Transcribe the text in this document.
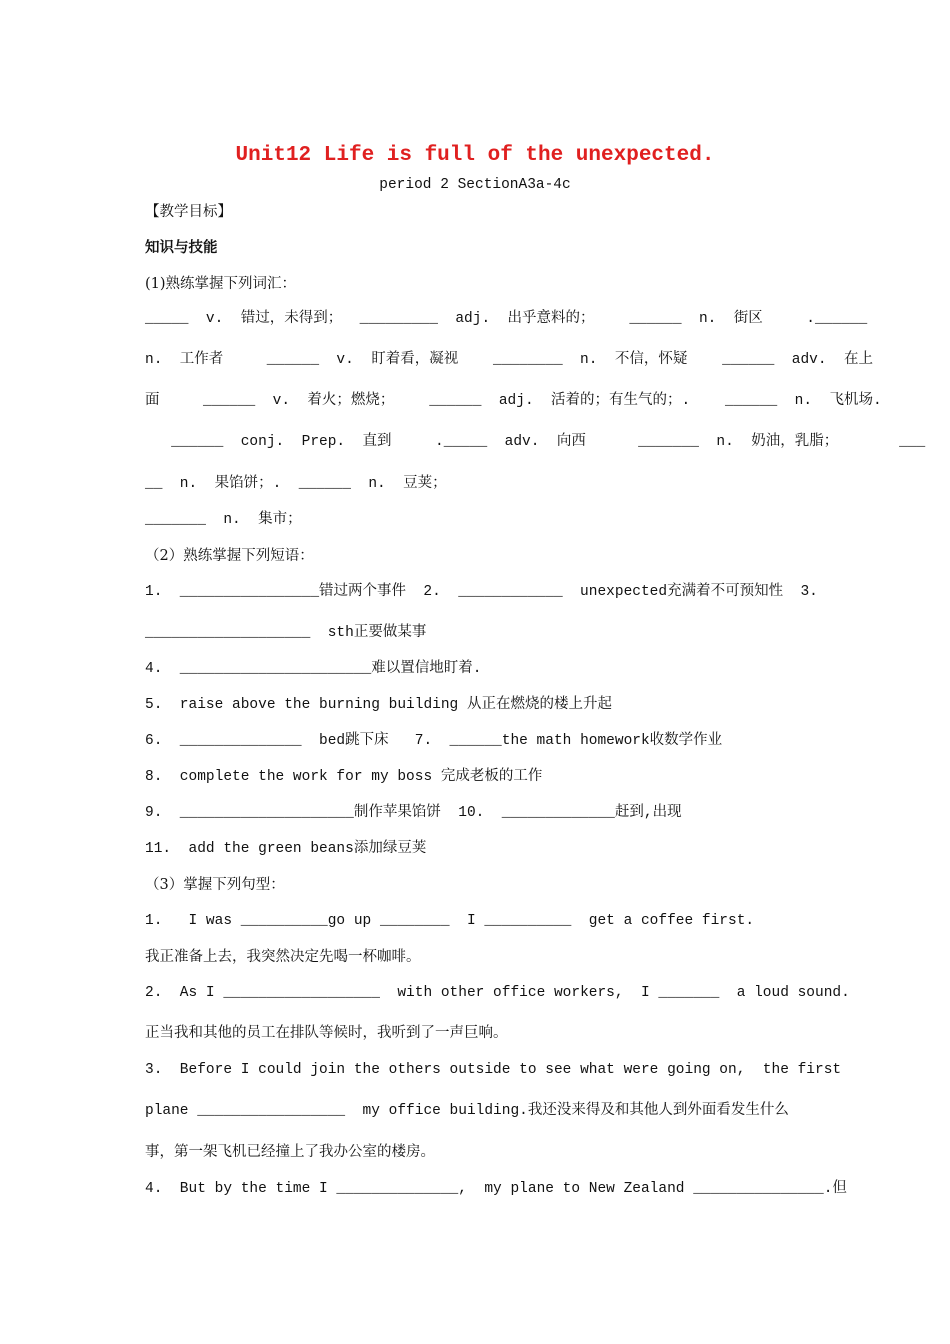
Unit12 Life is full of the unexpected.
period 2 SectionA3a-4c
【教学目标】
知识与技能
(1)熟练掌握下列词汇：
_____  v.  错过，未得到；  _________  adj.  出乎意料的；    ______  n.  街区     .______
n.  工作者     ______  v.  盯着看，凝视    ________  n.  不信，怀疑    ______  adv.  在上
面     ______  v.  着火；燃烧；    ______  adj.  活着的；有生气的；.    ______  n.  飞机场.
______  conj.  Prep.  直到     ._____  adv.  向西      _______  n.  奶油，乳脂；       ___
__  n.  果馅饼；.  ______  n.  豆荚；
_______  n.  集市；
（2）熟练掌握下列短语：
1.  ________________错过两个事件  2.  ____________  unexpected充满着不可预知性  3.
___________________  sth正要做某事
4.  ______________________难以置信地盯着.
5.  raise above the burning building 从正在燃烧的楼上升起
6.  ______________  bed跳下床   7.  ______the math homework收数学作业
8.  complete the work for my boss 完成老板的工作
9.  ____________________制作苹果馅饼  10.  _____________赶到,出现
11.  add the green beans添加绿豆荚
（3）掌握下列句型：
1.   I was __________go up ________  I __________  get a coffee first.
我正准备上去，我突然决定先喝一杯咖啡。
2.  As I __________________  with other office workers,  I _______  a loud sound.
正当我和其他的员工在排队等候时，我听到了一声巨响。
3.  Before I could join the others outside to see what were going on,  the first
plane _________________  my office building.我还没来得及和其他人到外面看发生什么
事，第一架飞机已经撞上了我办公室的楼房。
4.  But by the time I ______________,  my plane to New Zealand _______________.但
